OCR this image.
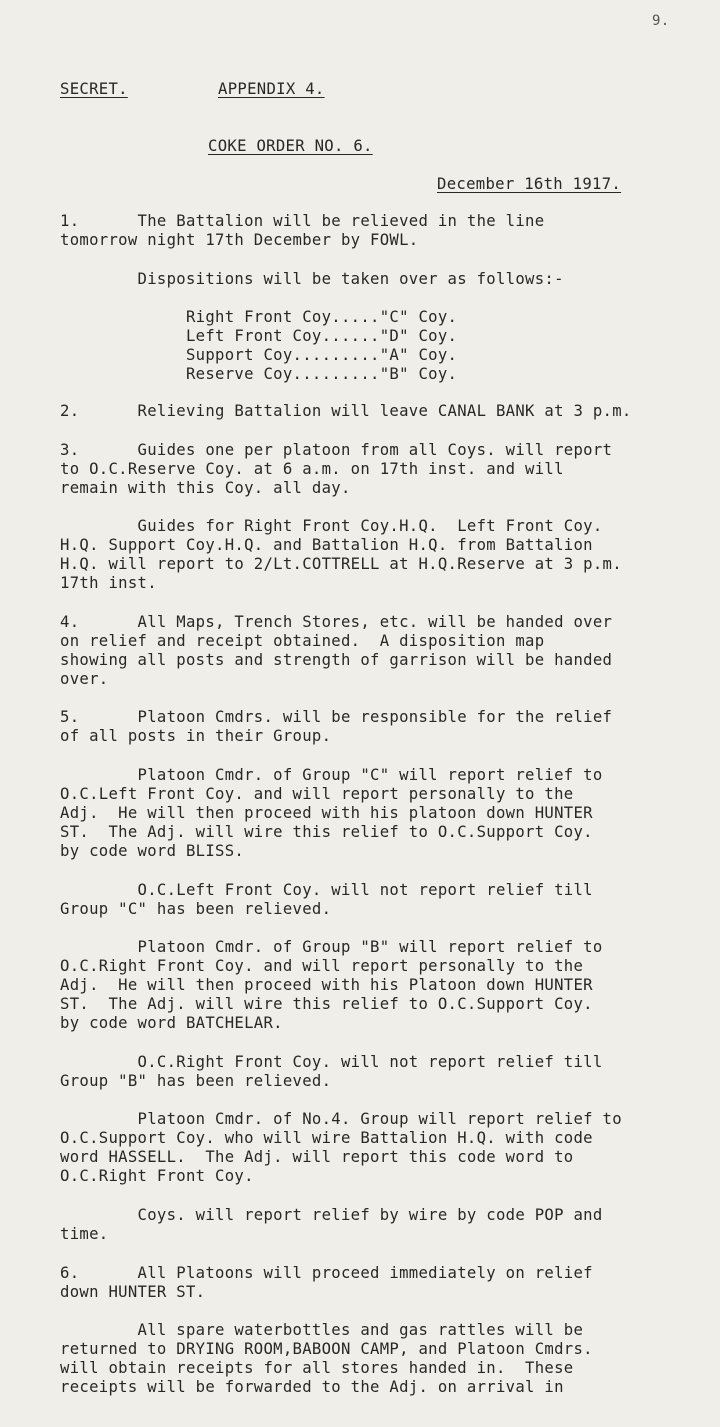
9.
SECRET.	APPENDIX 4.
COKE ORDER NO. 6.
December 16th 1917.
1.      The Battalion will be relieved in the line
tomorrow night 17th December by FOWL.
Dispositions will be taken over as follows:-
Right Front Coy....."C" Coy.
Left Front Coy......"D" Coy.
Support Coy........."A" Coy.
Reserve Coy........."B" Coy.
2.      Relieving Battalion will leave CANAL BANK at 3 p.m.
3.      Guides one per platoon from all Coys. will report
to O.C.Reserve Coy. at 6 a.m. on 17th inst. and will
remain with this Coy. all day.
Guides for Right Front Coy.H.Q.  Left Front Coy.
H.Q. Support Coy.H.Q. and Battalion H.Q. from Battalion
H.Q. will report to 2/Lt.COTTRELL at H.Q.Reserve at 3 p.m.
17th inst.
4.      All Maps, Trench Stores, etc. will be handed over
on relief and receipt obtained.  A disposition map
showing all posts and strength of garrison will be handed
over.
5.      Platoon Cmdrs. will be responsible for the relief
of all posts in their Group.
Platoon Cmdr. of Group "C" will report relief to
O.C.Left Front Coy. and will report personally to the
Adj.  He will then proceed with his platoon down HUNTER
ST.  The Adj. will wire this relief to O.C.Support Coy.
by code word BLISS.
O.C.Left Front Coy. will not report relief till
Group "C" has been relieved.
Platoon Cmdr. of Group "B" will report relief to
O.C.Right Front Coy. and will report personally to the
Adj.  He will then proceed with his Platoon down HUNTER
ST.  The Adj. will wire this relief to O.C.Support Coy.
by code word BATCHELAR.
O.C.Right Front Coy. will not report relief till
Group "B" has been relieved.
Platoon Cmdr. of No.4. Group will report relief to
O.C.Support Coy. who will wire Battalion H.Q. with code
word HASSELL.  The Adj. will report this code word to
O.C.Right Front Coy.
Coys. will report relief by wire by code POP and
time.
6.      All Platoons will proceed immediately on relief
down HUNTER ST.
All spare waterbottles and gas rattles will be
returned to DRYING ROOM,BABOON CAMP, and Platoon Cmdrs.
will obtain receipts for all stores handed in.  These
receipts will be forwarded to the Adj. on arrival in
